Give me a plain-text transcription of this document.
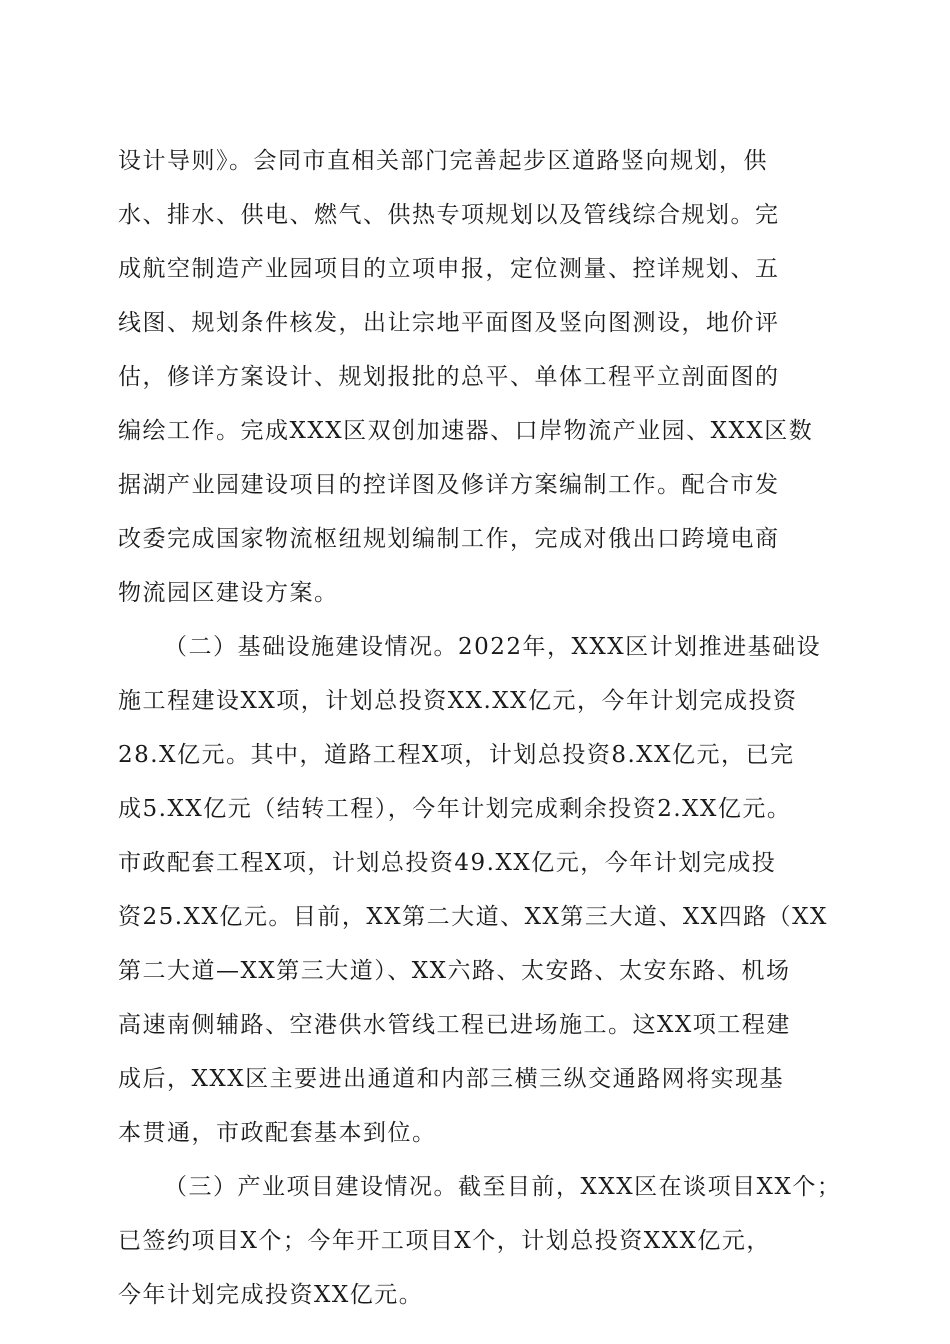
设计导则》。会同市直相关部门完善起步区道路竖向规划，供
水、排水、供电、燃气、供热专项规划以及管线综合规划。完
成航空制造产业园项目的立项申报，定位测量、控详规划、五
线图、规划条件核发，出让宗地平面图及竖向图测设，地价评
估，修详方案设计、规划报批的总平、单体工程平立剖面图的
编绘工作。完成XXX区双创加速器、口岸物流产业园、XXX区数
据湖产业园建设项目的控详图及修详方案编制工作。配合市发
改委完成国家物流枢纽规划编制工作，完成对俄出口跨境电商
物流园区建设方案。
（二）基础设施建设情况。2022年，XXX区计划推进基础设
施工程建设XX项，计划总投资XX.XX亿元，今年计划完成投资
28.X亿元。其中，道路工程X项，计划总投资8.XX亿元，已完
成5.XX亿元（结转工程），今年计划完成剩余投资2.XX亿元。
市政配套工程X项，计划总投资49.XX亿元，今年计划完成投
资25.XX亿元。目前，XX第二大道、XX第三大道、XX四路（XX
第二大道—XX第三大道）、XX六路、太安路、太安东路、机场
高速南侧辅路、空港供水管线工程已进场施工。这XX项工程建
成后，XXX区主要进出通道和内部三横三纵交通路网将实现基
本贯通，市政配套基本到位。
（三）产业项目建设情况。截至目前，XXX区在谈项目XX个；
已签约项目X个；今年开工项目X个，计划总投资XXX亿元，
今年计划完成投资XX亿元。
